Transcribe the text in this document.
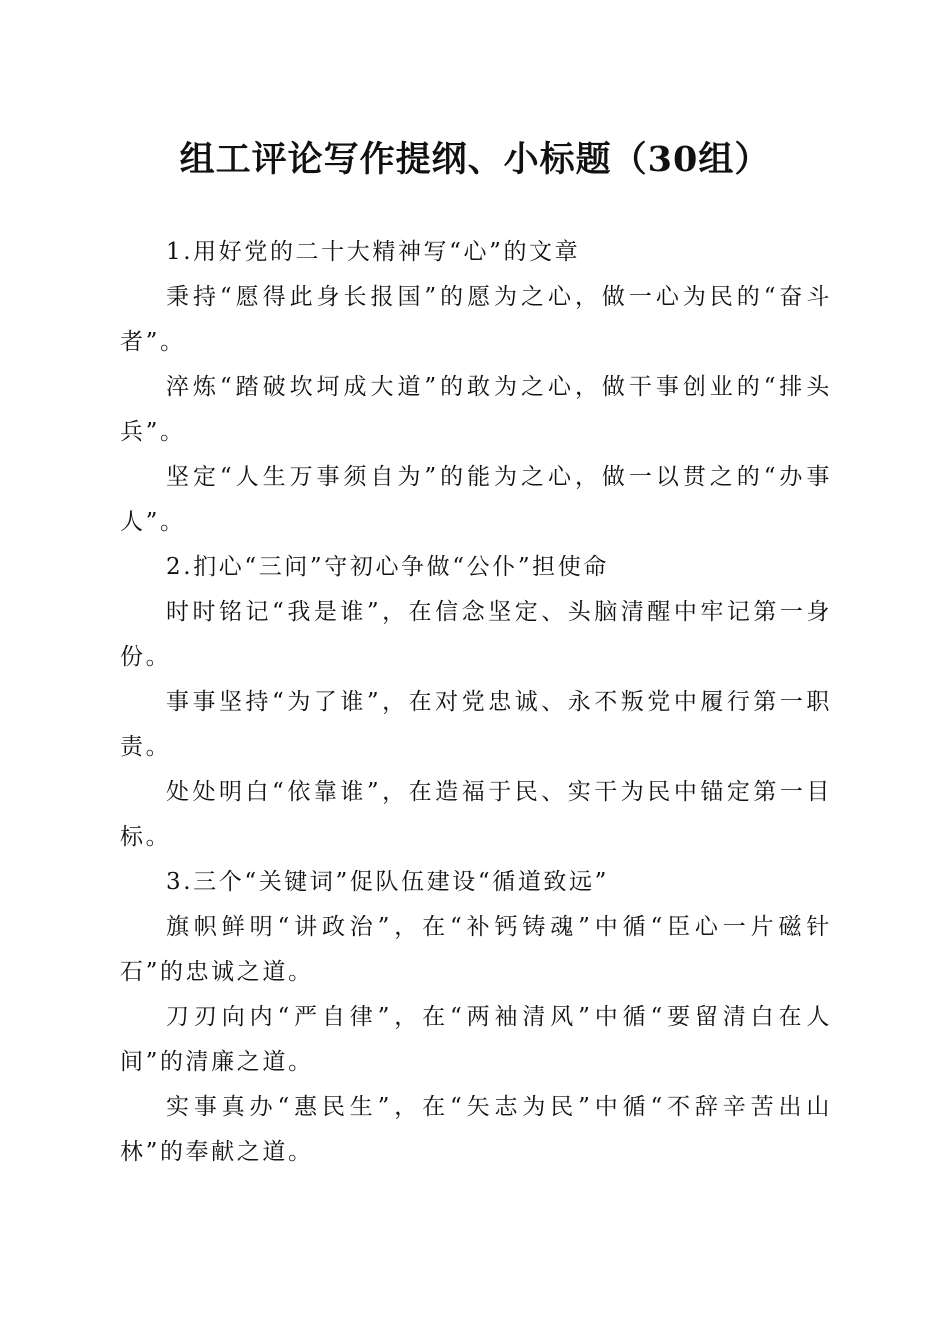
组工评论写作提纲、小标题（30组）

1.用好党的二十大精神写“心”的文章

秉持“愿得此身长报国”的愿为之心，做一心为民的“奋斗者”。

淬炼“踏破坎坷成大道”的敢为之心，做干事创业的“排头兵”。

坚定“人生万事须自为”的能为之心，做一以贯之的“办事人”。

2.扪心“三问”守初心争做“公仆”担使命

时时铭记“我是谁”，在信念坚定、头脑清醒中牢记第一身份。

事事坚持“为了谁”，在对党忠诚、永不叛党中履行第一职责。

处处明白“依靠谁”，在造福于民、实干为民中锚定第一目标。

3.三个“关键词”促队伍建设“循道致远”

旗帜鲜明“讲政治”，在“补钙铸魂”中循“臣心一片磁针石”的忠诚之道。

刀刃向内“严自律”，在“两袖清风”中循“要留清白在人间”的清廉之道。

实事真办“惠民生”，在“矢志为民”中循“不辞辛苦出山林”的奉献之道。
